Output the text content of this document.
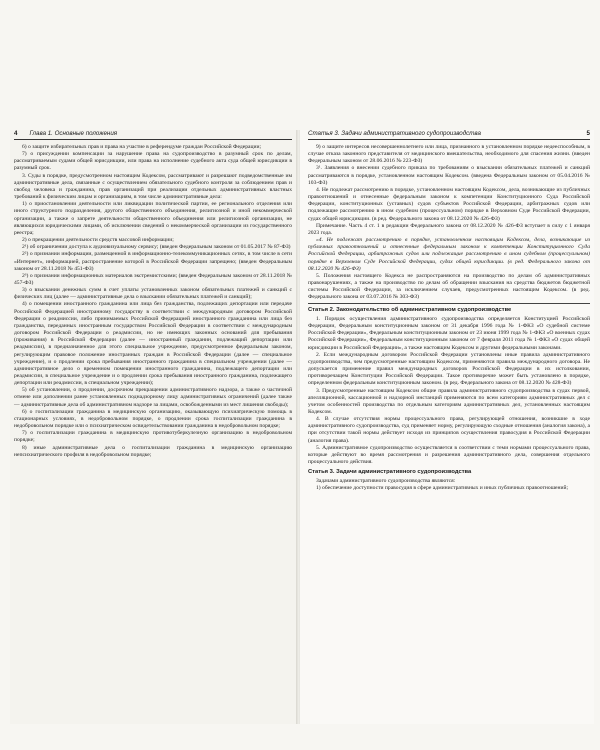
4 Глава 1. Основные положения

6) о защите избирательных прав и права на участие в референдуме граждан Российской Федерации;

7) о присуждении компенсации за нарушение права на судопроизводство в разумный срок по делам, рассматриваемым судами общей юрисдикции, или права на исполнение судебного акта суда общей юрисдикции в разумный срок.

3. Суды в порядке, предусмотренном настоящим Кодексом, рассматривают и разрешают подведомственные им административные дела, связанные с осуществлением обязательного судебного контроля за соблюдением прав и свобод человека и гражданина, прав организаций при реализации отдельных административных властных требований к физическим лицам и организациям, в том числе административные дела:

1) о приостановлении деятельности или ликвидации политической партии, ее регионального отделения или иного структурного подразделения, другого общественного объединения, религиозной и иной некоммерческой организации, а также о запрете деятельности общественного объединения или религиозной организации, не являющихся юридическими лицами, об исключении сведений о некоммерческой организации из государственного реестра;

2) о прекращении деятельности средств массовой информации;

2¹) об ограничении доступа к аудиовизуальному сервису; (введен Федеральным законом от 01.05.2017 № 87-ФЗ)

2²) о признании информации, размещенной в информационно-телекоммуникационных сетях, в том числе в сети «Интернет», информацией, распространение которой в Российской Федерации запрещено; (введен Федеральным законом от 28.11.2018 № 451-ФЗ)

2³) о признании информационных материалов экстремистскими; (введен Федеральным законом от 28.11.2018 № 457-ФЗ)

3) о взыскании денежных сумм в счет уплаты установленных законом обязательных платежей и санкций с физических лиц (далее — административные дела о взыскании обязательных платежей и санкций);

4) о помещении иностранного гражданина или лица без гражданства, подлежащих депортации или передаче Российской Федерацией иностранному государству в соответствии с международным договором Российской Федерации о реадмиссии, либо принимаемых Российской Федерацией иностранного гражданина или лица без гражданства, переданных иностранным государством Российской Федерации в соответствии с международным договором Российской Федерации о реадмиссии, но не имеющих законных оснований для пребывания (проживания) в Российской Федерации (далее — иностранный гражданин, подлежащий депортации или реадмиссии), в предназначенное для этого специальное учреждение, предусмотренное федеральным законом, регулирующим правовое положение иностранных граждан в Российской Федерации (далее — специальное учреждение), и о продлении срока пребывания иностранного гражданина в специальном учреждении (далее — административное дело о временном помещении иностранного гражданина, подлежащего депортации или реадмиссии, в специальное учреждение и о продлении срока пребывания иностранного гражданина, подлежащего депортации или реадмиссии, в специальном учреждении);

5) об установлении, о продлении, досрочном прекращении административного надзора, а также о частичной отмене или дополнении ранее установленных поднадзорному лицу административных ограничений (далее также — административные дела об административном надзоре за лицами, освобожденными из мест лишения свободы);

6) о госпитализации гражданина в медицинскую организацию, оказывающую психиатрическую помощь в стационарных условиях, в недобровольном порядке, о продлении срока госпитализации гражданина в недобровольном порядке или о психиатрическом освидетельствовании гражданина в недобровольном порядке;

7) о госпитализации гражданина в медицинскую противотуберкулезную организацию в недобровольном порядке;

8) иные административные дела о госпитализации гражданина в медицинскую организацию непсихиатрического профиля в недобровольном порядке;

Статья 3. Задачи административного судопроизводства	5

9) о защите интересов несовершеннолетнего или лица, признанного в установленном порядке недееспособным, в случае отказа законного представителя от медицинского вмешательства, необходимого для спасения жизни. (введен Федеральным законом от 28.06.2016 № 223-ФЗ)

3¹. Заявления о внесении судебного приказа по требованиям о взыскании обязательных платежей и санкций рассматриваются в порядке, установленном настоящим Кодексом. (введена Федеральным законом от 05.04.2016 № 103-ФЗ)

4. Не подлежат рассмотрению в порядке, установленном настоящим Кодексом, дела, возникающие из публичных правоотношений и отнесенные федеральным законом к компетенции Конституционного Суда Российской Федерации, конституционных (уставных) судов субъектов Российской Федерации, арбитражных судов или подлежащие рассмотрению в ином судебном (процессуальном) порядке в Верховном Суде Российской Федерации, судах общей юрисдикции. (в ред. Федерального закона от 08.12.2020 № 426-ФЗ)

Примечание. Часть 4 ст. 1 в редакции Федерального закона от 08.12.2020 № 426-ФЗ вступает в силу с 1 января 2023 года.

«4. Не подлежат рассмотрению в порядке, установленном настоящим Кодексом, дела, возникающие из публичных правоотношений и отнесенные федеральным законом к компетенции Конституционного Суда Российской Федерации, арбитражных судов или подлежащие рассмотрению в ином судебном (процессуальном) порядке в Верховном Суде Российской Федерации, судах общей юрисдикции. (в ред. Федерального закона от 08.12.2020 № 426-ФЗ)

5. Положения настоящего Кодекса не распространяются на производство по делам об административных правонарушениях, а также на производство по делам об обращении взыскания на средства бюджетов бюджетной системы Российской Федерации, за исключением случаев, предусмотренных настоящим Кодексом. (в ред. Федерального закона от 03.07.2016 № 303-ФЗ)

Статья 2. Законодательство об административном судопроизводстве

1. Порядок осуществления административного судопроизводства определяется Конституцией Российской Федерации, Федеральным конституционным законом от 31 декабря 1996 года № 1-ФКЗ «О судебной системе Российской Федерации», Федеральным конституционным законом от 23 июня 1999 года № 1-ФКЗ «О военных судах Российской Федерации», Федеральным конституционным законом от 7 февраля 2011 года № 1-ФКЗ «О судах общей юрисдикции в Российской Федерации», а также настоящим Кодексом и другими федеральными законами.

2. Если международным договором Российской Федерации установлены иные правила административного судопроизводства, чем предусмотренные настоящим Кодексом, применяются правила международного договора. Не допускается применение правил международных договоров Российской Федерации в их истолковании, противоречащем Конституции Российской Федерации. Такое противоречие может быть установлено в порядке, определенном федеральным конституционным законом. (в ред. Федерального закона от 08.12.2020 № 428-ФЗ)

3. Предусмотренные настоящим Кодексом общие правила административного судопроизводства в судах первой, апелляционной, кассационной и надзорной инстанций применяются по всем категориям административных дел с учетом особенностей производства по отдельным категориям административных дел, установленных настоящим Кодексом.

4. В случае отсутствия нормы процессуального права, регулирующей отношения, возникшие в ходе административного судопроизводства, суд применяет норму, регулирующую сходные отношения (аналогия закона), а при отсутствии такой нормы действует исходя из принципов осуществления правосудия в Российской Федерации (аналогия права).

5. Административное судопроизводство осуществляется в соответствии с теми нормами процессуального права, которые действуют во время рассмотрения и разрешения административного дела, совершения отдельного процессуального действия.

Статья 3. Задачи административного судопроизводства

Задачами административного судопроизводства являются:

1) обеспечение доступности правосудия в сфере административных и иных публичных правоотношений;
